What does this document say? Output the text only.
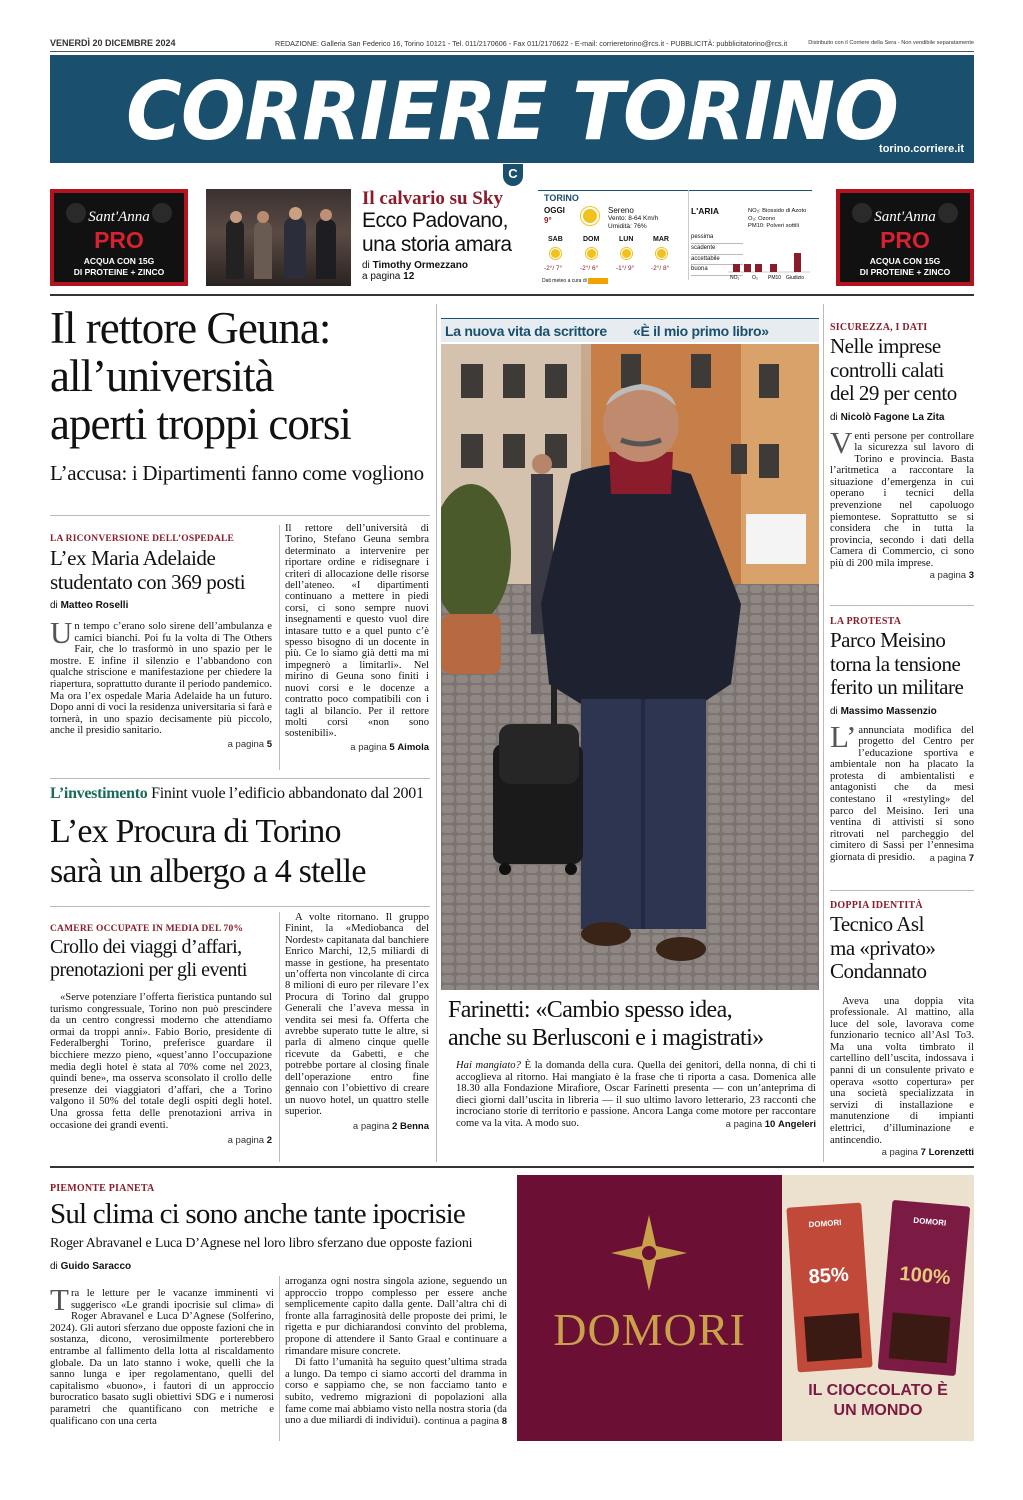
VENERDÌ 20 DICEMBRE 2024	REDAZIONE: Galleria San Federico 16, Torino 10121 - Tel. 011/2170606 - Fax 011/2170622 - E-mail: corrieretorino@rcs.it - PUBBLICITÀ: pubblicitatorino@rcs.it	Distribuito con il Corriere della Sera - Non vendibile separatamente
CORRIERE TORINO
torino.corriere.it
C
Sant'Anna
PRO
ACQUA CON 15G
DI PROTEINE + ZINCO
Il calvario su Sky
Ecco Padovano,
una storia amara
di Timothy Ormezzano
a pagina 12
TORINO
OGGI
9°
Sereno
Vento: 8-64 Km/h
Umidità: 76%
SAB	DOM	LUN	MAR
-2°/ 7°	-2°/ 6°	-1°/ 9°	-2°/ 8°
Dati meteo a cura di
L'ARIA	NO₂: Biossido di Azoto
O₃: Ozono
PM10: Polveri sottili
pessima
scadente
accettabile
buona
NO₂	O₃ PM10 Giudizio
Sant'Anna
PRO
ACQUA CON 15G
DI PROTEINE + ZINCO
Il rettore Geuna:
all’università
aperti troppi corsi
L’accusa: i Dipartimenti fanno come vogliono
LA RICONVERSIONE DELL’OSPEDALE
L’ex Maria Adelaide
studentato con 369 posti
di Matteo Roselli
Un tempo c’erano solo sirene dell’ambulanza e camici bianchi. Poi fu la volta di The Others Fair, che lo trasformò in uno spazio per le mostre. E infine il silenzio e l’abbandono con qualche striscione e manifestazione per chiedere la riapertura, soprattutto durante il periodo pandemico. Ma ora l’ex ospedale Maria Adelaide ha un futuro. Dopo anni di voci la residenza universitaria si farà e tornerà, in uno spazio decisamente più piccolo, anche il presidio sanitario.
a pagina 5
Il rettore dell’università di Torino, Stefano Geuna sembra determinato a intervenire per riportare ordine e ridisegnare i criteri di allocazione delle risorse dell’ateneo. «I dipartimenti continuano a mettere in piedi corsi, ci sono sempre nuovi insegnamenti e questo vuol dire intasare tutto e a quel punto c’è spesso bisogno di un docente in più. Ce lo siamo già detti ma mi impegnerò a limitarli». Nel mirino di Geuna sono finiti i nuovi corsi e le docenze a contratto poco compatibili con i tagli al bilancio. Per il rettore molti corsi «non sono sostenibili».
a pagina 5 Aimola
L’investimento Finint vuole l’edificio abbandonato dal 2001
L’ex Procura di Torino
sarà un albergo a 4 stelle
CAMERE OCCUPATE IN MEDIA DEL 70%
Crollo dei viaggi d’affari,
prenotazioni per gli eventi
«Serve potenziare l’offerta fieristica puntando sul turismo congressuale, Torino non può prescindere da un centro congressi moderno che attendiamo ormai da troppi anni». Fabio Borio, presidente di Federalberghi Torino, preferisce guardare il bicchiere mezzo pieno, «quest’anno l’occupazione media degli hotel è stata al 70% come nel 2023, quindi bene», ma osserva sconsolato il crollo delle presenze dei viaggiatori d’affari, che a Torino valgono il 50% del totale degli ospiti degli hotel. Una grossa fetta delle prenotazioni arriva in occasione dei grandi eventi.
a pagina 2
A volte ritornano. Il gruppo Finint, la «Mediobanca del Nordest» capitanata dal banchiere Enrico Marchi, 12,5 miliardi di masse in gestione, ha presentato un’offerta non vincolante di circa 8 milioni di euro per rilevare l’ex Procura di Torino dal gruppo Generali che l’aveva messa in vendita sei mesi fa. Offerta che avrebbe superato tutte le altre, si parla di almeno cinque quelle ricevute da Gabetti, e che potrebbe portare al closing finale dell’operazione entro fine gennaio con l’obiettivo di creare un nuovo hotel, un quattro stelle superior.
a pagina 2 Benna
La nuova vita da scrittore «È il mio primo libro»
Farinetti: «Cambio spesso idea,
anche su Berlusconi e i magistrati»
Hai mangiato? È la domanda della cura. Quella dei genitori, della nonna, di chi ti accoglieva al ritorno. Hai mangiato è la frase che ti riporta a casa. Domenica alle 18.30 alla Fondazione Mirafiore, Oscar Farinetti presenta — con un’anteprima di dieci giorni dall’uscita in libreria — il suo ultimo lavoro letterario, 23 racconti che incrociano storie di territorio e passione. Ancora Langa come motore per raccontare come va la vita. A modo suo.	a pagina 10 Angeleri
SICUREZZA, I DATI
Nelle imprese
controlli calati
del 29 per cento
di Nicolò Fagone La Zita
Venti persone per controllare la sicurezza sul lavoro di Torino e provincia. Basta l’aritmetica a raccontare la situazione d’emergenza in cui operano i tecnici della prevenzione nel capoluogo piemontese. Soprattutto se si considera che in tutta la provincia, secondo i dati della Camera di Commercio, ci sono più di 200 mila imprese.
a pagina 3
LA PROTESTA
Parco Meisino
torna la tensione
ferito un militare
di Massimo Massenzio
L’annunciata modifica del progetto del Centro per l’educazione sportiva e ambientale non ha placato la protesta di ambientalisti e antagonisti che da mesi contestano il «restyling» del parco del Meisino. Ieri una ventina di attivisti si sono ritrovati nel parcheggio del cimitero di Sassi per l’ennesima giornata di presidio.	a pagina 7
DOPPIA IDENTITÀ
Tecnico Asl
ma «privato»
Condannato
Aveva una doppia vita professionale. Al mattino, alla luce del sole, lavorava come funzionario tecnico all’Asl To3. Ma una volta timbrato il cartellino dell’uscita, indossava i panni di un consulente privato e operava «sotto copertura» per una società specializzata in servizi di installazione e manutenzione di impianti elettrici, d’illuminazione e antincendio.
a pagina 7 Lorenzetti
PIEMONTE PIANETA
Sul clima ci sono anche tante ipocrisie
Roger Abravanel e Luca D’Agnese nel loro libro sferzano due opposte fazioni
di Guido Saracco
Tra le letture per le vacanze imminenti vi suggerisco «Le grandi ipocrisie sul clima» di Roger Abravanel e Luca D’Agnese (Solferino, 2024). Gli autori sferzano due opposte fazioni che in sostanza, dicono, verosimilmente porterebbero entrambe al fallimento della lotta al riscaldamento globale. Da un lato stanno i woke, quelli che la sanno lunga e iper regolamentano, quelli del capitalismo «buono», i fautori di un approccio burocratico basato sugli obiettivi SDG e i numerosi parametri che quantificano con metriche e qualificano con una certa
arroganza ogni nostra singola azione, seguendo un approccio troppo complesso per essere anche semplicemente capito dalla gente. Dall’altra chi di fronte alla farraginosità delle proposte dei primi, le rigetta e pur dichiarandosi convinto del problema, propone di attendere il Santo Graal e continuare a rimandare misure concrete.
Di fatto l’umanità ha seguito quest’ultima strada a lungo. Da tempo ci siamo accorti del dramma in corso e sappiamo che, se non facciamo tanto e subito, vedremo migrazioni di popolazioni alla fame come mai abbiamo visto nella nostra storia (da uno a due miliardi di individui). continua a pagina 8
DOMORI
DOMORI
85%
DOMORI
100%
IL CIOCCOLATO È
UN MONDO
